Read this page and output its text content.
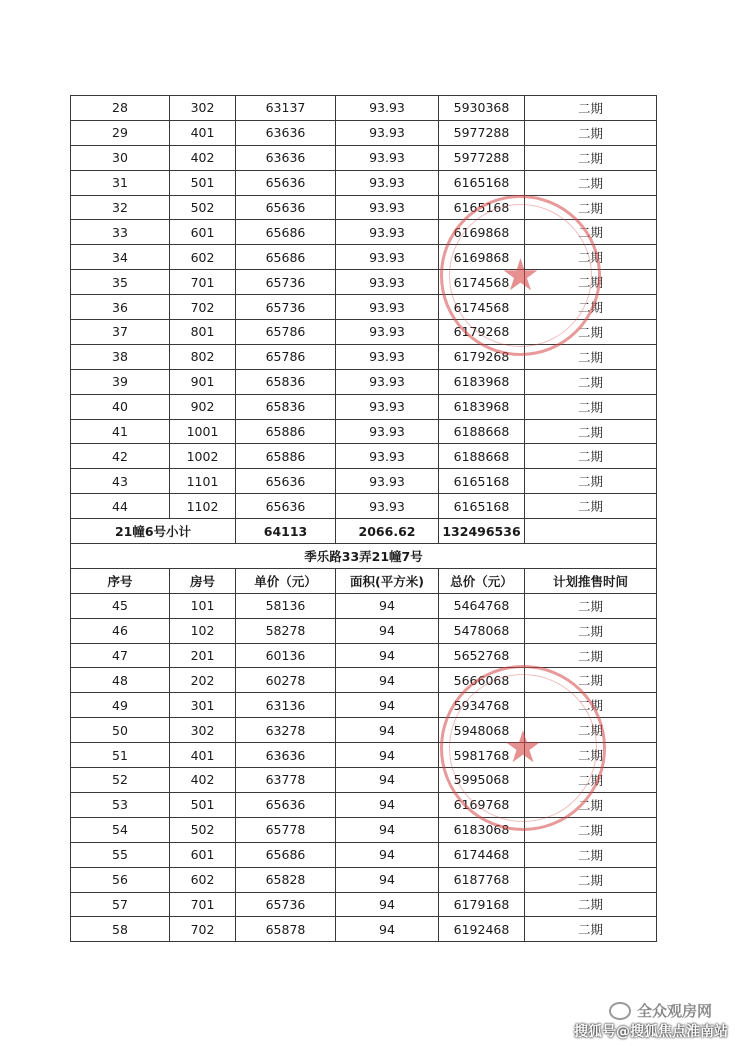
28	302	63137	93.93	5930368	二期
29	401	63636	93.93	5977288	二期
30	402	63636	93.93	5977288	二期
31	501	65636	93.93	6165168	二期
32	502	65636	93.93	6165168	二期
33	601	65686	93.93	6169868	二期
34	602	65686	93.93	6169868	二期
35	701	65736	93.93	6174568	二期
36	702	65736	93.93	6174568	二期
37	801	65786	93.93	6179268	二期
38	802	65786	93.93	6179268	二期
39	901	65836	93.93	6183968	二期
40	902	65836	93.93	6183968	二期
41	1001	65886	93.93	6188668	二期
42	1002	65886	93.93	6188668	二期
43	1101	65636	93.93	6165168	二期
44	1102	65636	93.93	6165168	二期
21幢6号小计		64113	2066.62	132496536	
季乐路33弄21幢7号					
序号	房号	单价（元）	面积(平方米)	总价（元）	计划推售时间
45	101	58136	94	5464768	二期
46	102	58278	94	5478068	二期
47	201	60136	94	5652768	二期
48	202	60278	94	5666068	二期
49	301	63136	94	5934768	二期
50	302	63278	94	5948068	二期
51	401	63636	94	5981768	二期
52	402	63778	94	5995068	二期
53	501	65636	94	6169768	二期
54	502	65778	94	6183068	二期
55	601	65686	94	6174468	二期
56	602	65828	94	6187768	二期
57	701	65736	94	6179168	二期
58	702	65878	94	6192468	二期
★
★
全众观房网
搜狐号@搜狐焦点淮南站
